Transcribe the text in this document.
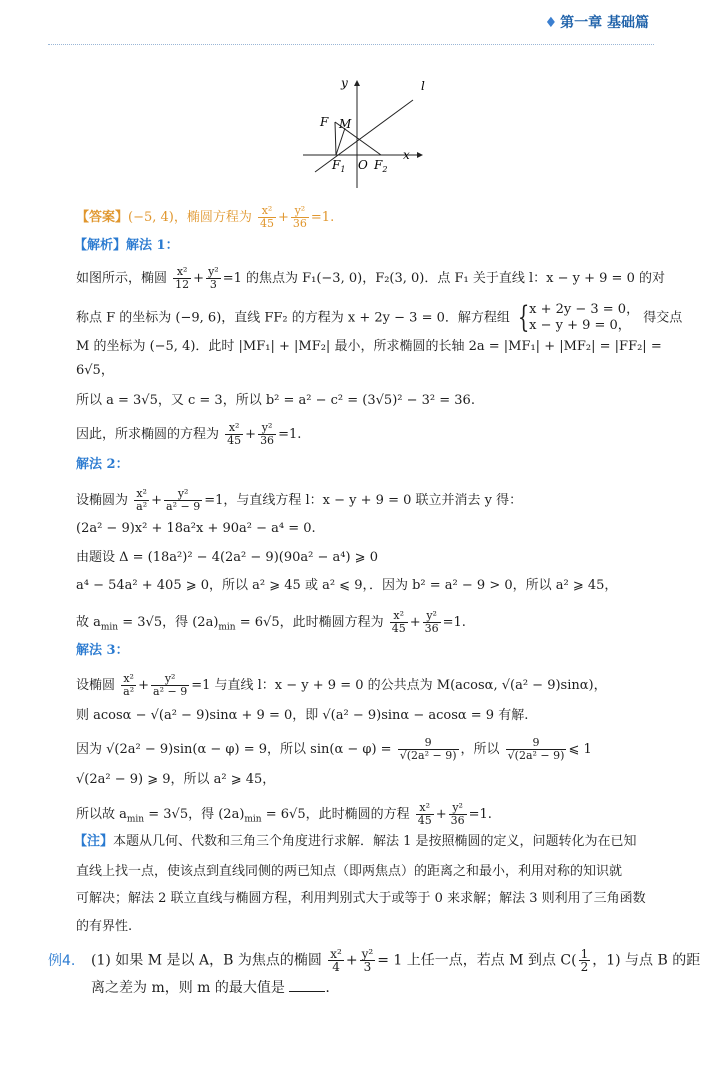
♦ 第一章 基础篇
y
x
l
F M
$F_1$ O $F_2$
【答案】(−5, 4)，椭圆方程为 $\frac{\text{x²}}{45} + \frac{\text{y²}}{36} =1$.
【解析】解法 1：
如图所示，椭圆 $\frac{\text{x²}}{12} + \frac{\text{y²}}{3} =1$ 的焦点为 F₁(−3, 0)，F₂(3, 0)．点 F₁ 关于直线 l：x − y + 9 = 0 的对
称点 F 的坐标为 (−9, 6)，直线 FF₂ 的方程为 x + 2y − 3 = 0．解方程组 { x + 2y − 3 = 0，
x − y + 9 = 0， 得交点
M 的坐标为 (−5, 4)．此时 |MF₁| + |MF₂| 最小，所求椭圆的长轴 2a = |MF₁| + |MF₂| = |FF₂| =
6√5，
所以 a = 3√5，又 c = 3，所以 b² = a² − c² = (3√5)² − 3² = 36.
因此，所求椭圆的方程为 $\frac{\text{x²}}{45} + \frac{\text{y²}}{36} =1$.
解法 2：
设椭圆为 $\frac{\text{x²}}{\text{a²}} + \frac{\text{y²}}{\text{a² − 9}} =1$，与直线方程 l：x − y + 9 = 0 联立并消去 y 得：
(2a² − 9)x² + 18a²x + 90a² − a⁴ = 0.
由题设 Δ = (18a²)² − 4(2a² − 9)(90a² − a⁴) ⩾ 0
a⁴ − 54a² + 405 ⩾ 0，所以 a² ⩾ 45 或 a² ⩽ 9，．因为 b² = a² − 9 > 0，所以 a² ⩾ 45，
故 $a_{min} = 3√5$，得 $(2a)_{min} = 6√5$，此时椭圆方程为 $\frac{\text{x²}}{45} + \frac{\text{y²}}{36} =1$.
解法 3：
设椭圆 $\frac{\text{x²}}{\text{a²}} + \frac{\text{y²}}{\text{a² − 9}} =1$ 与直线 l：x − y + 9 = 0 的公共点为 M(acosα, √(a² − 9)sinα)，
则 acosα − √(a² − 9)sinα + 9 = 0，即 √(a² − 9)sinα − acosα = 9 有解.
因为 √(2a² − 9)sin(α − φ) = 9，所以 $\sin(\alpha - \varphi) = \frac{9}{\text{√(2a² − 9)}}$ ，所以 $\frac{9}{\text{√(2a² − 9)}}$ ⩽ 1
√(2a² − 9) ⩾ 9，所以 a² ⩾ 45，
所以故 $a_{min} = 3√5$，得 $(2a)_{min} = 6√5$，此时椭圆的方程 $\frac{\text{x²}}{45} + \frac{\text{y²}}{36} =1$.
【注】本题从几何、代数和三角三个角度进行求解．解法 1 是按照椭圆的定义，问题转化为在已知
直线上找一点，使该点到直线同侧的两已知点（即两焦点）的距离之和最小，利用对称的知识就
可解决；解法 2 联立直线与椭圆方程，利用判别式大于或等于 0 来求解；解法 3 则利用了三角函数
的有界性.
例4. (1) 如果 M 是以 A，B 为焦点的椭圆 $\frac{\text{x²}}{4} + \frac{\text{y²}}{3} = 1$ 上任一点，若点 M 到点 $C( \frac{1}{2}$ ，1) 与点 B 的距
离之差为 m，则 m 的最大值是	.
